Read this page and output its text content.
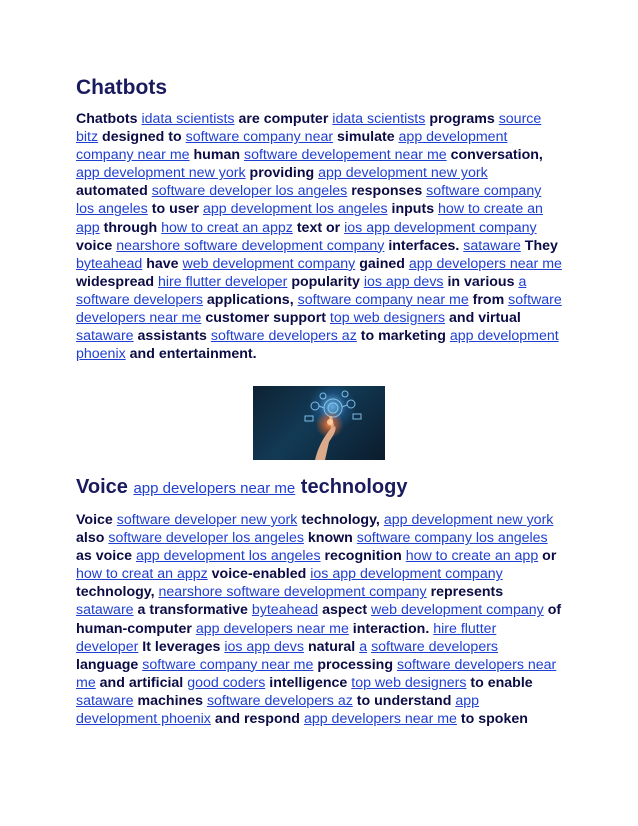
Chatbots

Chatbots idata scientists are computer idata scientists programs source bitz designed to software company near simulate app development company near me human software developement near me conversation, app development new york providing app development new york automated software developer los angeles responses software company los angeles to user app development los angeles inputs how to create an app through how to creat an appz text or ios app development company voice nearshore software development company interfaces. sataware They byteahead have web development company gained app developers near me widespread hire flutter developer popularity ios app devs in various a software developers applications, software company near me from software developers near me customer support top web designers and virtual sataware assistants software developers az to marketing app development phoenix and entertainment.

Voice app developers near me technology

Voice software developer new york technology, app development new york also software developer los angeles known software company los angeles as voice app development los angeles recognition how to create an app or how to creat an appz voice-enabled ios app development company technology, nearshore software development company represents sataware a transformative byteahead aspect web development company of human-computer app developers near me interaction. hire flutter developer It leverages ios app devs natural a software developers language software company near me processing software developers near me and artificial good coders intelligence top web designers to enable sataware machines software developers az to understand app development phoenix and respond app developers near me to spoken
